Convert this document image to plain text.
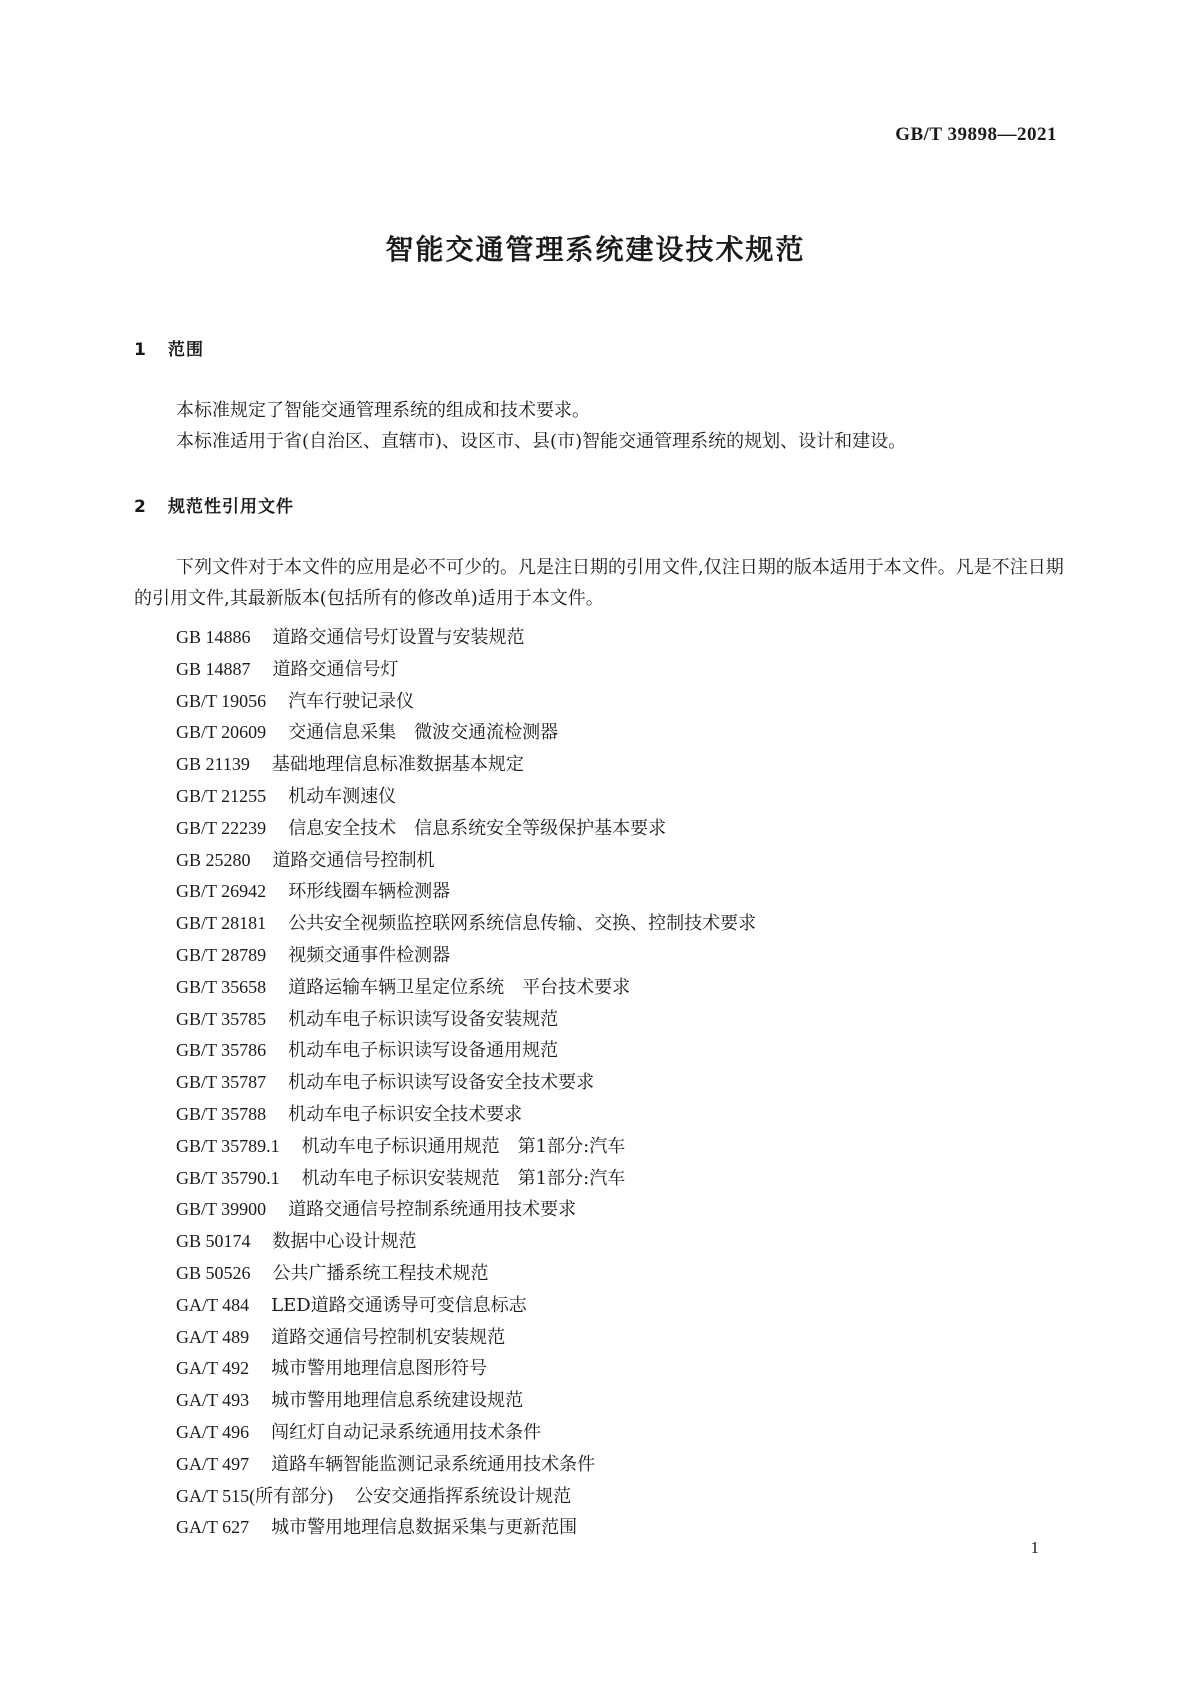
GB/T 39898—2021
智能交通管理系统建设技术规范
1 范围

本标准规定了智能交通管理系统的组成和技术要求。

本标准适用于省(自治区、直辖市)、设区市、县(市)智能交通管理系统的规划、设计和建设。

2 规范性引用文件

下列文件对于本文件的应用是必不可少的。凡是注日期的引用文件,仅注日期的版本适用于本文件。凡是不注日期的引用文件,其最新版本(包括所有的修改单)适用于本文件。

GB 14886 道路交通信号灯设置与安装规范
GB 14887 道路交通信号灯
GB/T 19056 汽车行驶记录仪
GB/T 20609 交通信息采集　微波交通流检测器
GB 21139 基础地理信息标准数据基本规定
GB/T 21255 机动车测速仪
GB/T 22239 信息安全技术　信息系统安全等级保护基本要求
GB 25280 道路交通信号控制机
GB/T 26942 环形线圈车辆检测器
GB/T 28181 公共安全视频监控联网系统信息传输、交换、控制技术要求
GB/T 28789 视频交通事件检测器
GB/T 35658 道路运输车辆卫星定位系统　平台技术要求
GB/T 35785 机动车电子标识读写设备安装规范
GB/T 35786 机动车电子标识读写设备通用规范
GB/T 35787 机动车电子标识读写设备安全技术要求
GB/T 35788 机动车电子标识安全技术要求
GB/T 35789.1 机动车电子标识通用规范　第1部分:汽车
GB/T 35790.1 机动车电子标识安装规范　第1部分:汽车
GB/T 39900 道路交通信号控制系统通用技术要求
GB 50174 数据中心设计规范
GB 50526 公共广播系统工程技术规范
GA/T 484 LED道路交通诱导可变信息标志
GA/T 489 道路交通信号控制机安装规范
GA/T 492 城市警用地理信息图形符号
GA/T 493 城市警用地理信息系统建设规范
GA/T 496 闯红灯自动记录系统通用技术条件
GA/T 497 道路车辆智能监测记录系统通用技术条件
GA/T 515(所有部分) 公安交通指挥系统设计规范
GA/T 627 城市警用地理信息数据采集与更新范围
1
